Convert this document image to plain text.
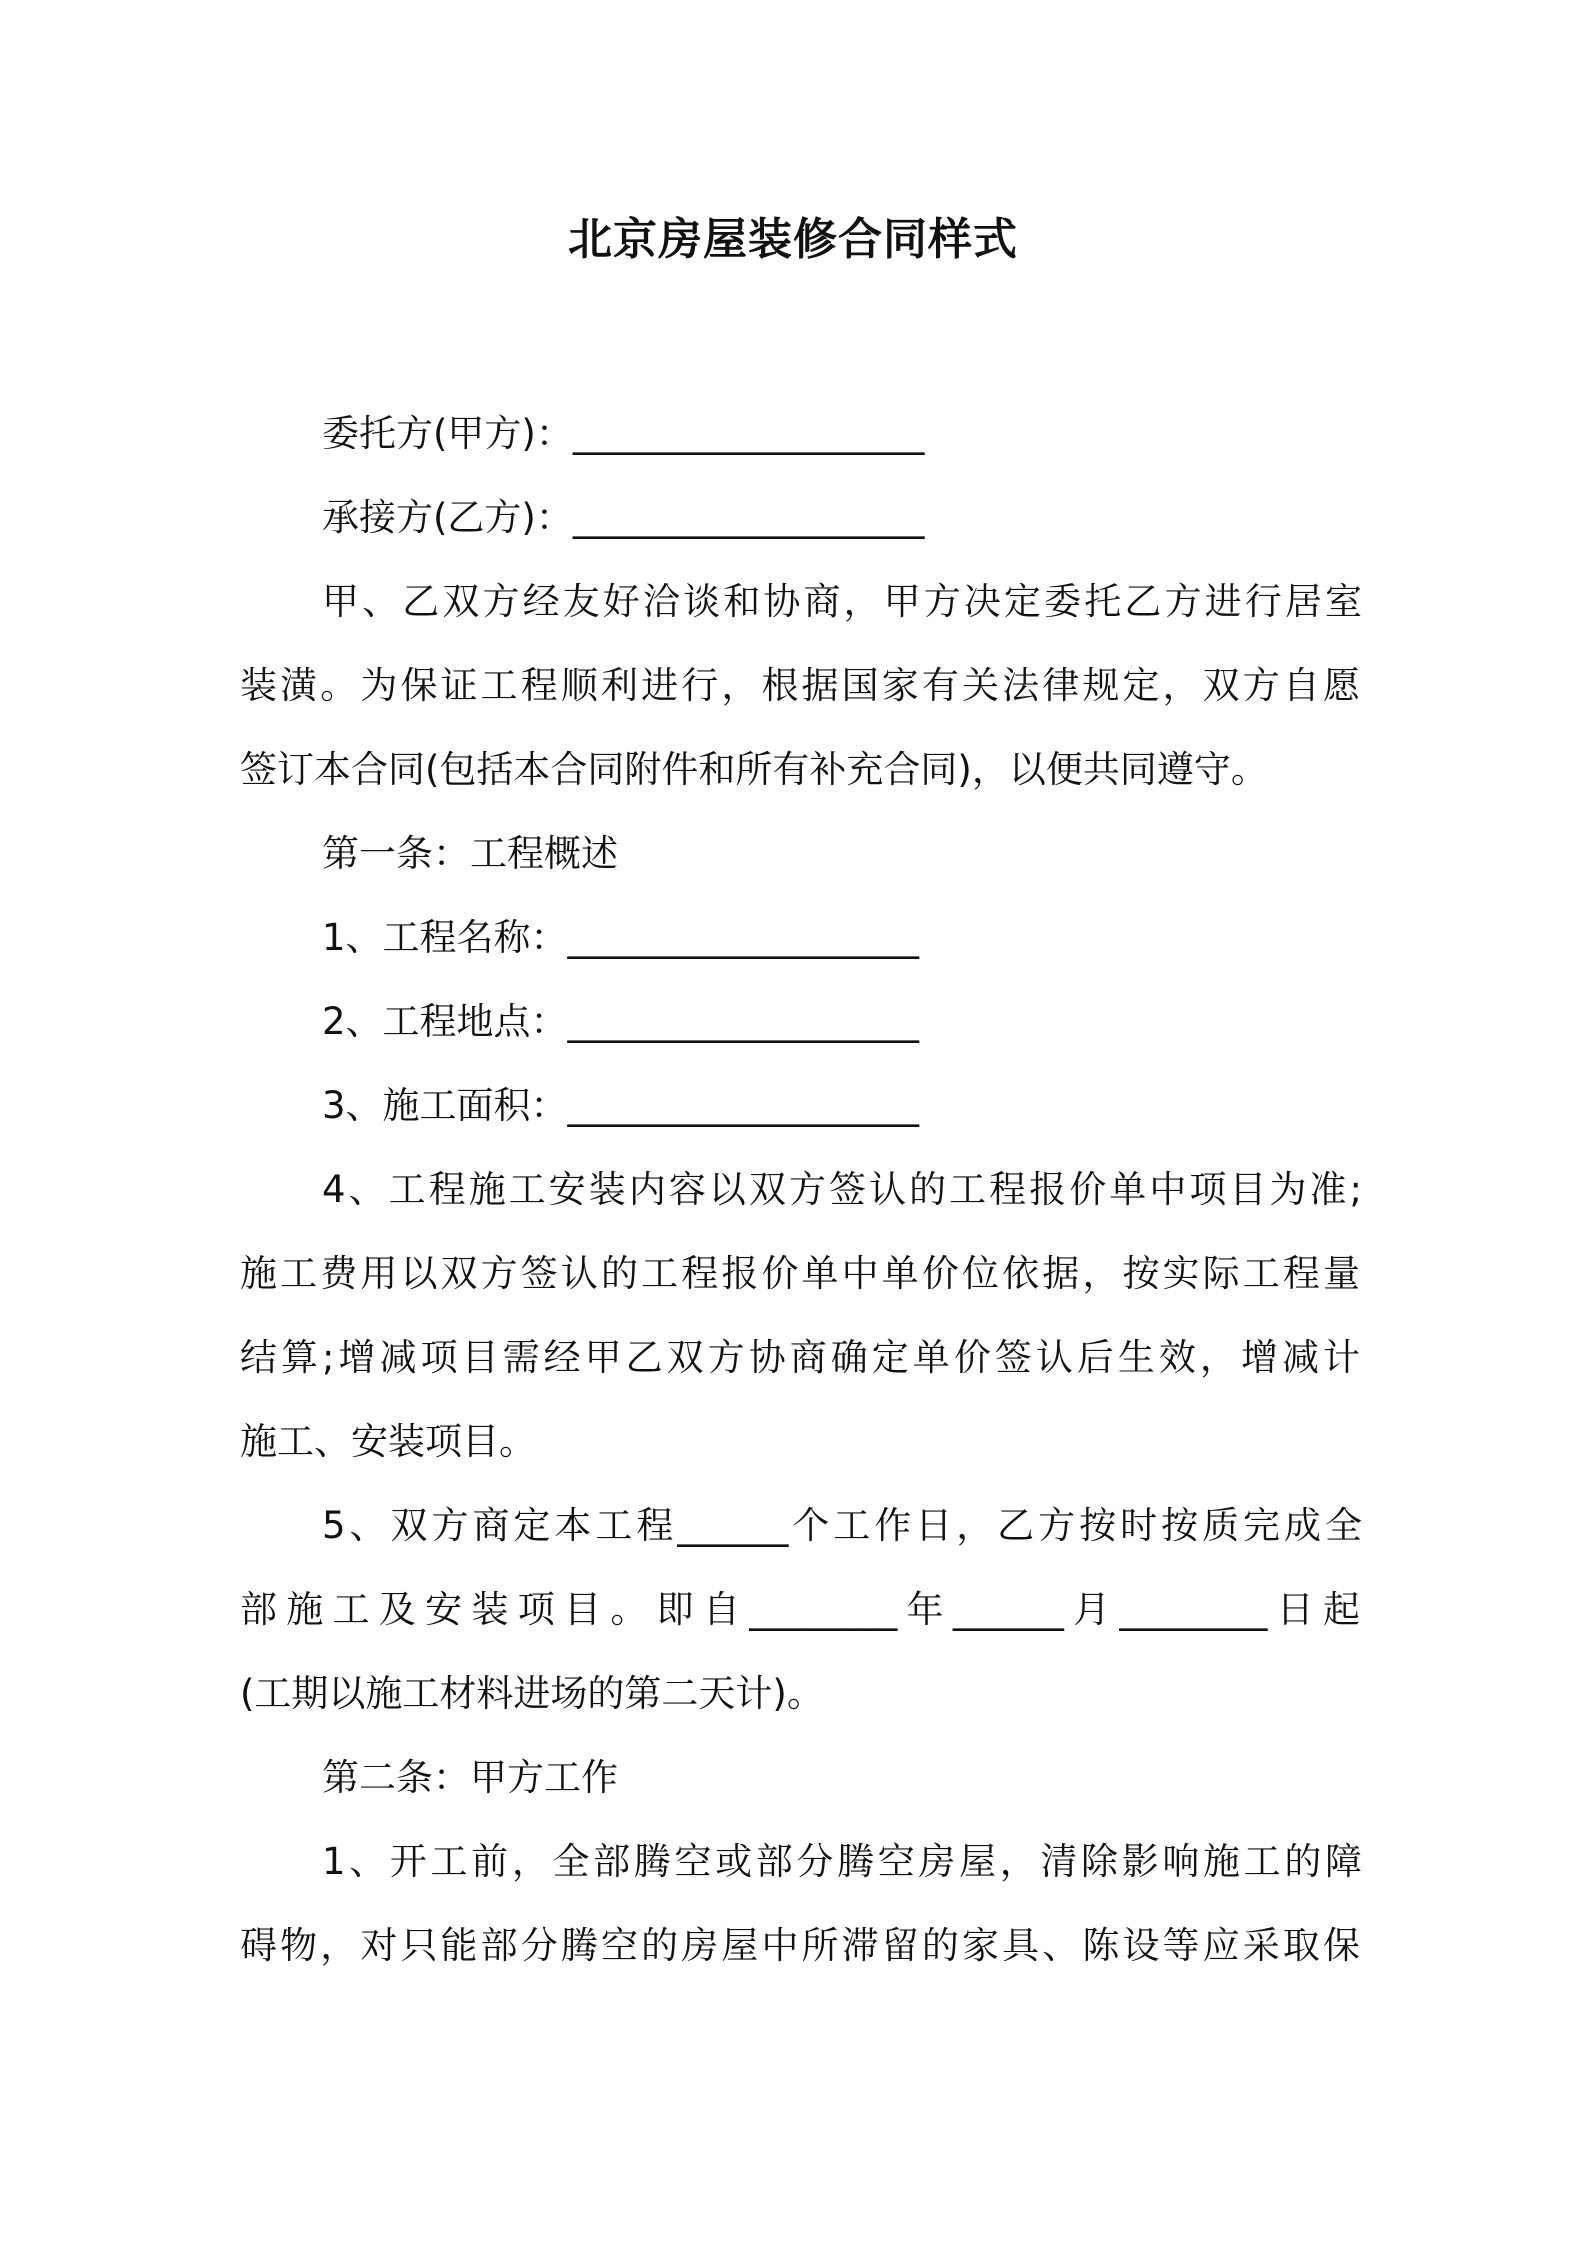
北京房屋装修合同样式

委托方(甲方)：___________________

承接方(乙方)：___________________

甲、乙双方经友好洽谈和协商，甲方决定委托乙方进行居室

装潢。为保证工程顺利进行，根据国家有关法律规定，双方自愿

签订本合同(包括本合同附件和所有补充合同)，以便共同遵守。

第一条：工程概述

1、工程名称：___________________

2、工程地点：___________________

3、施工面积：___________________

4、工程施工安装内容以双方签认的工程报价单中项目为准;

施工费用以双方签认的工程报价单中单价位依据，按实际工程量

结算;增减项目需经甲乙双方协商确定单价签认后生效，增减计

施工、安装项目。

5、双方商定本工程______个工作日，乙方按时按质完成全

部施工及安装项目。即自________年______月________日起

(工期以施工材料进场的第二天计)。

第二条：甲方工作

1、开工前，全部腾空或部分腾空房屋，清除影响施工的障

碍物，对只能部分腾空的房屋中所滞留的家具、陈设等应采取保
